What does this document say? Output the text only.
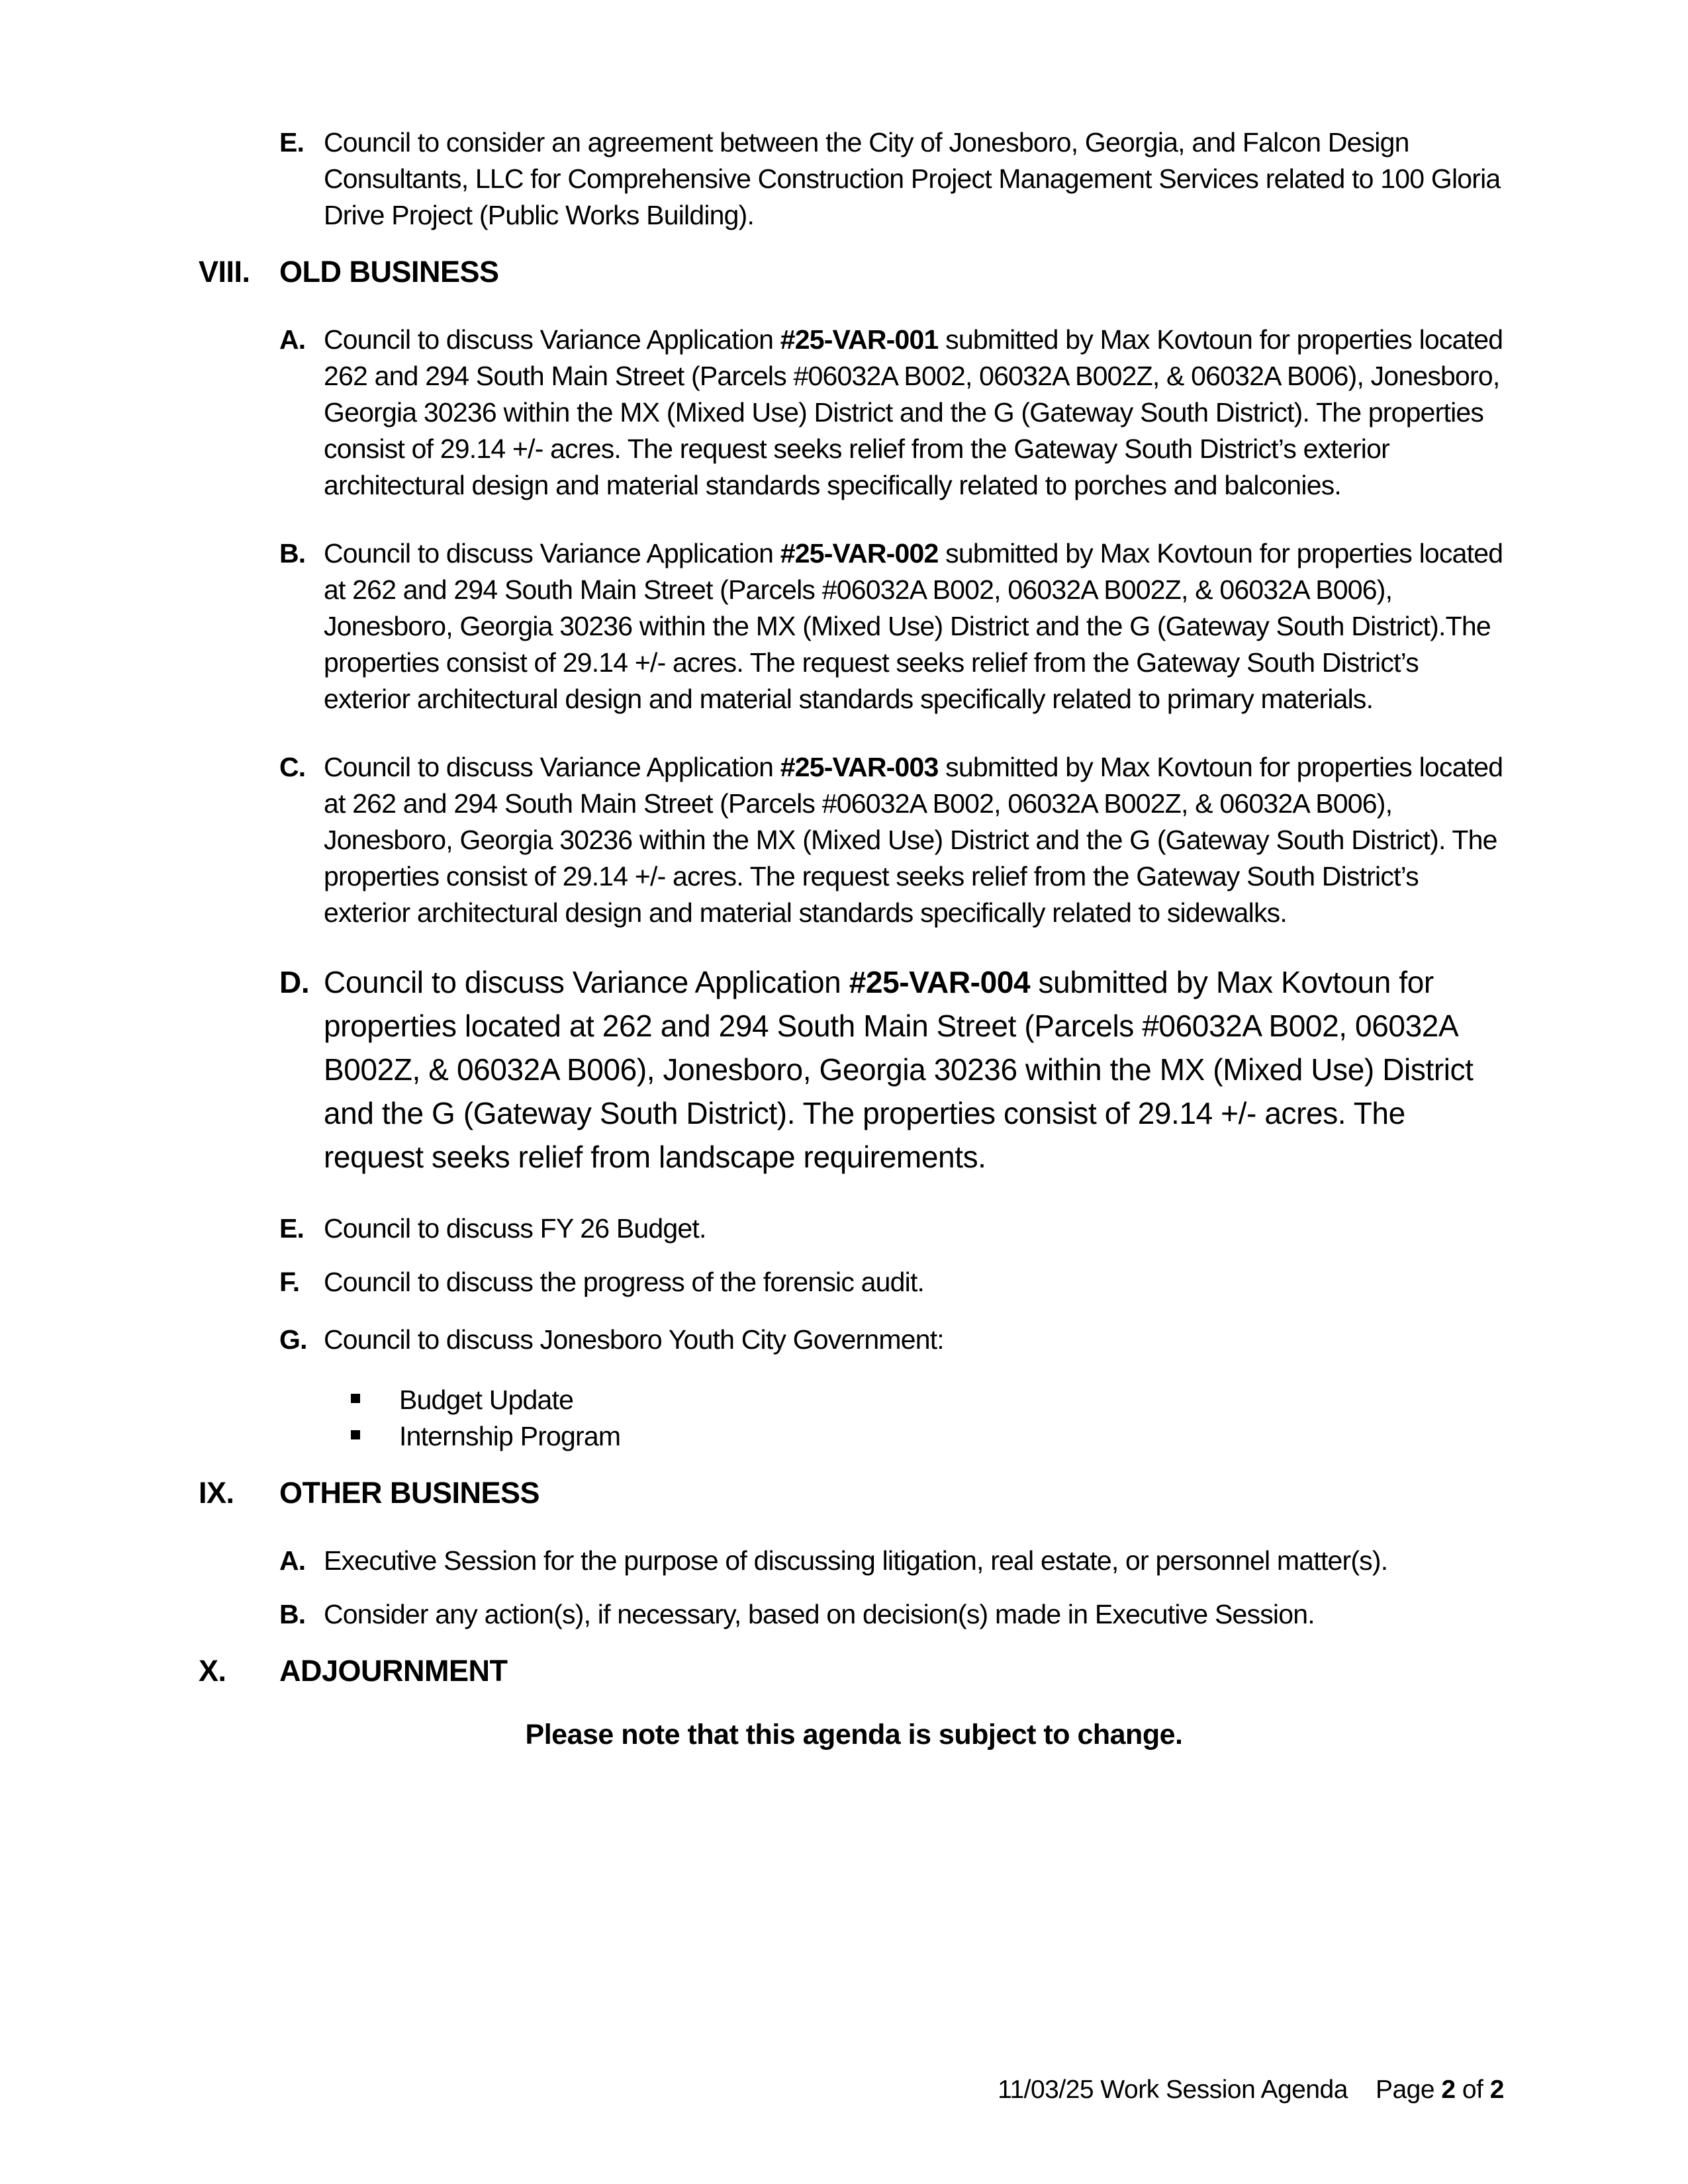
E. Council to consider an agreement between the City of Jonesboro, Georgia, and Falcon Design Consultants, LLC for Comprehensive Construction Project Management Services related to 100 Gloria Drive Project (Public Works Building).
VIII. OLD BUSINESS
A. Council to discuss Variance Application #25-VAR-001 submitted by Max Kovtoun for properties located 262 and 294 South Main Street (Parcels #06032A B002, 06032A B002Z, & 06032A B006), Jonesboro, Georgia 30236 within the MX (Mixed Use) District and the G (Gateway South District). The properties consist of 29.14 +/- acres. The request seeks relief from the Gateway South District’s exterior architectural design and material standards specifically related to porches and balconies.
B. Council to discuss Variance Application #25-VAR-002 submitted by Max Kovtoun for properties located at 262 and 294 South Main Street (Parcels #06032A B002, 06032A B002Z, & 06032A B006), Jonesboro, Georgia 30236 within the MX (Mixed Use) District and the G (Gateway South District).The properties consist of 29.14 +/- acres. The request seeks relief from the Gateway South District’s exterior architectural design and material standards specifically related to primary materials.
C. Council to discuss Variance Application #25-VAR-003 submitted by Max Kovtoun for properties located at 262 and 294 South Main Street (Parcels #06032A B002, 06032A B002Z, & 06032A B006), Jonesboro, Georgia 30236 within the MX (Mixed Use) District and the G (Gateway South District). The properties consist of 29.14 +/- acres. The request seeks relief from the Gateway South District’s exterior architectural design and material standards specifically related to sidewalks.
D. Council to discuss Variance Application #25-VAR-004 submitted by Max Kovtoun for properties located at 262 and 294 South Main Street (Parcels #06032A B002, 06032A B002Z, & 06032A B006), Jonesboro, Georgia 30236 within the MX (Mixed Use) District and the G (Gateway South District). The properties consist of 29.14 +/- acres. The request seeks relief from landscape requirements.
E. Council to discuss FY 26 Budget.
F. Council to discuss the progress of the forensic audit.
G. Council to discuss Jonesboro Youth City Government:
Budget Update
Internship Program
IX. OTHER BUSINESS
A. Executive Session for the purpose of discussing litigation, real estate, or personnel matter(s).
B. Consider any action(s), if necessary, based on decision(s) made in Executive Session.
X. ADJOURNMENT
Please note that this agenda is subject to change.
11/03/25 Work Session Agenda Page 2 of 2
